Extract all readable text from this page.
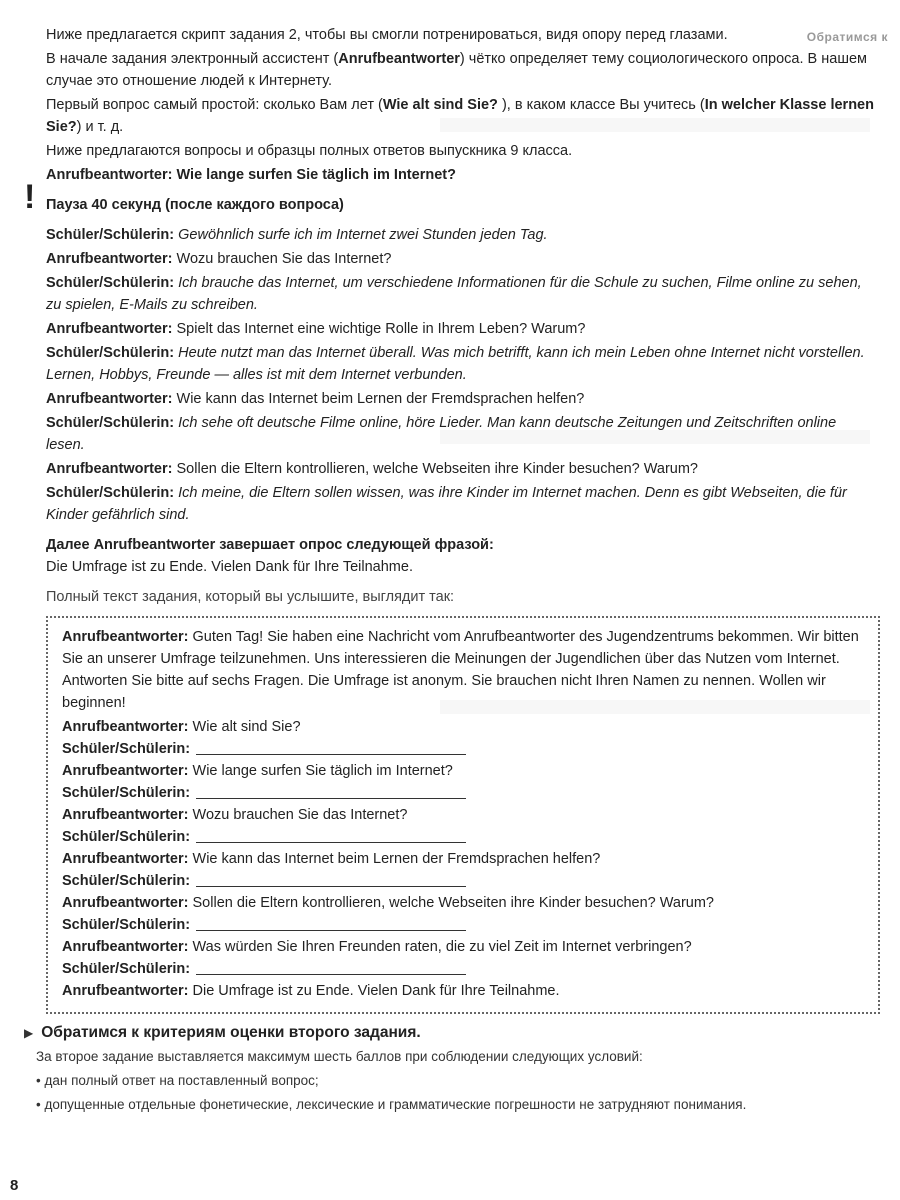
Обратимся к
!

Ниже предлагается скрипт задания 2, чтобы вы смогли потренироваться, видя опору перед глазами.

В начале задания электронный ассистент (Anrufbeantworter) чётко определяет тему социологического опроса. В нашем случае это отношение людей к Интернету.

Первый вопрос самый простой: сколько Вам лет (Wie alt sind Sie? ), в каком классе Вы учитесь (In welcher Klasse lernen Sie?) и т. д.

Ниже предлагаются вопросы и образцы полных ответов выпускника 9 класса.

Anrufbeantworter: Wie lange surfen Sie täglich im Internet?

Пауза 40 секунд (после каждого вопроса)

Schüler/Schülerin: Gewöhnlich surfe ich im Internet zwei Stunden jeden Tag.

Anrufbeantworter: Wozu brauchen Sie das Internet?

Schüler/Schülerin: Ich brauche das Internet, um verschiedene Informationen für die Schule zu suchen, Filme online zu sehen, zu spielen, E-Mails zu schreiben.

Anrufbeantworter: Spielt das Internet eine wichtige Rolle in Ihrem Leben? Warum?

Schüler/Schülerin: Heute nutzt man das Internet überall. Was mich betrifft, kann ich mein Leben ohne Internet nicht vorstellen. Lernen, Hobbys, Freunde — alles ist mit dem Internet verbunden.

Anrufbeantworter: Wie kann das Internet beim Lernen der Fremdsprachen helfen?

Schüler/Schülerin: Ich sehe oft deutsche Filme online, höre Lieder. Man kann deutsche Zeitungen und Zeitschriften online lesen.

Anrufbeantworter: Sollen die Eltern kontrollieren, welche Webseiten ihre Kinder besuchen? Warum?

Schüler/Schülerin: Ich meine, die Eltern sollen wissen, was ihre Kinder im Internet machen. Denn es gibt Webseiten, die für Kinder gefährlich sind.

Далее Anrufbeantworter завершает опрос следующей фразой:

Die Umfrage ist zu Ende. Vielen Dank für Ihre Teilnahme.

Полный текст задания, который вы услышите, выглядит так:

Anrufbeantworter: Guten Tag! Sie haben eine Nachricht vom Anrufbeantworter des Jugendzentrums bekommen. Wir bitten Sie an unserer Umfrage teilzunehmen. Uns interessieren die Meinungen der Jugendlichen über das Nutzen vom Internet. Antworten Sie bitte auf sechs Fragen. Die Umfrage ist anonym. Sie brauchen nicht Ihren Namen zu nennen. Wollen wir beginnen!

Anrufbeantworter: Wie alt sind Sie?

Schüler/Schülerin:

Anrufbeantworter: Wie lange surfen Sie täglich im Internet?

Schüler/Schülerin:

Anrufbeantworter: Wozu brauchen Sie das Internet?

Schüler/Schülerin:

Anrufbeantworter: Wie kann das Internet beim Lernen der Fremdsprachen helfen?

Schüler/Schülerin:

Anrufbeantworter: Sollen die Eltern kontrollieren, welche Webseiten ihre Kinder besuchen? Warum?

Schüler/Schülerin:

Anrufbeantworter: Was würden Sie Ihren Freunden raten, die zu viel Zeit im Internet verbringen?

Schüler/Schülerin:

Anrufbeantworter: Die Umfrage ist zu Ende. Vielen Dank für Ihre Teilnahme.

▶ Обратимся к критериям оценки второго задания.

За второе задание выставляется максимум шесть баллов при соблюдении следующих условий:

• дан полный ответ на поставленный вопрос;

• допущенные отдельные фонетические, лексические и грамматические погрешности не затрудняют понимания.

8
